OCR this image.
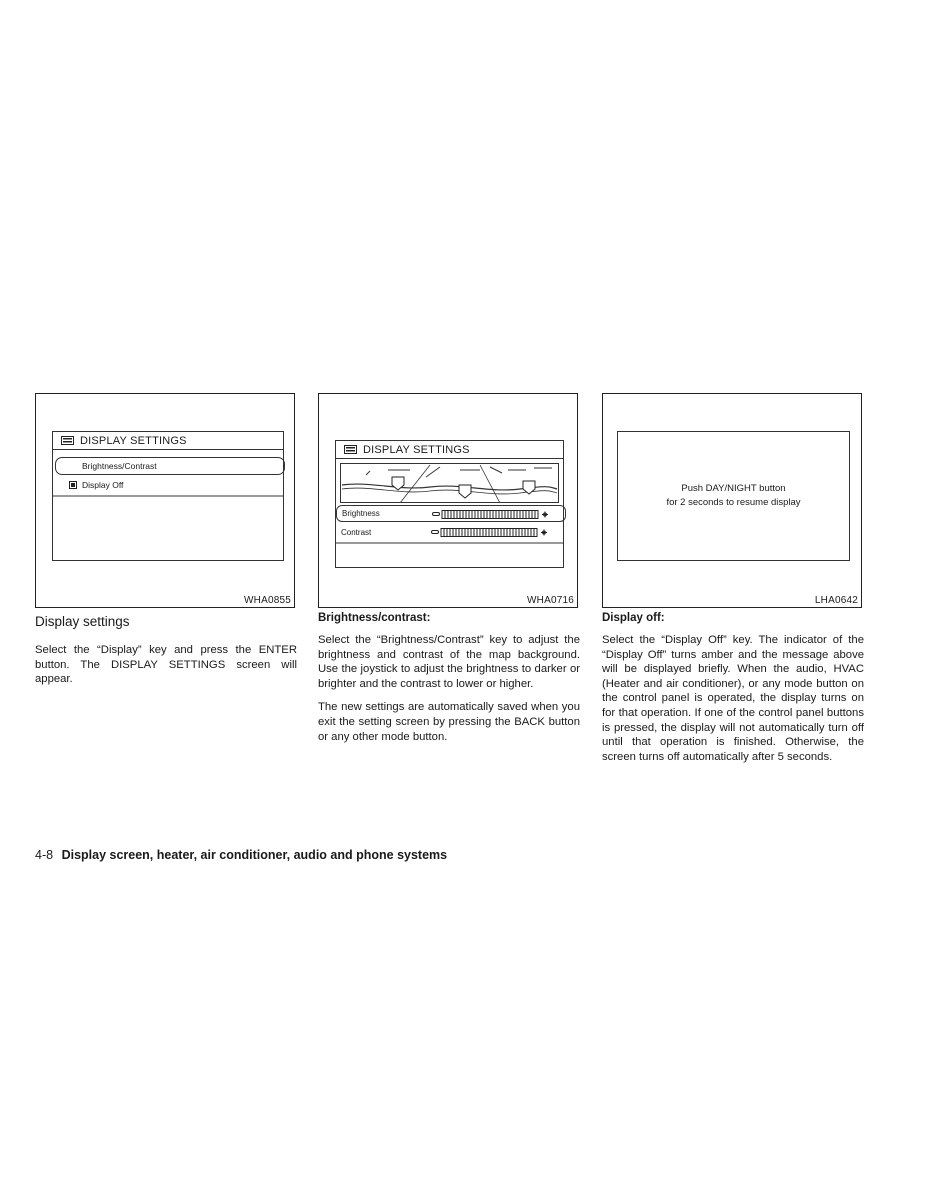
DISPLAY SETTINGS
Brightness/Contrast
Display Off
WHA0855
Display settings

Select the “Display” key and press the ENTER button. The DISPLAY SETTINGS screen will appear.

DISPLAY SETTINGS
Brightness
Contrast
WHA0716
Brightness/contrast:

Select the “Brightness/Contrast” key to adjust the brightness and contrast of the map background. Use the joystick to adjust the brightness to darker or brighter and the contrast to lower or higher.

The new settings are automatically saved when you exit the setting screen by pressing the BACK button or any other mode button.

Push DAY/NIGHT button
for 2 seconds to resume display
LHA0642
Display off:

Select the “Display Off” key. The indicator of the “Display Off” turns amber and the message above will be displayed briefly. When the audio, HVAC (Heater and air conditioner), or any mode button on the control panel is operated, the display turns on for that operation. If one of the control panel buttons is pressed, the display will not automatically turn off until that operation is finished. Otherwise, the screen turns off automatically after 5 seconds.

4-8 Display screen, heater, air conditioner, audio and phone systems
